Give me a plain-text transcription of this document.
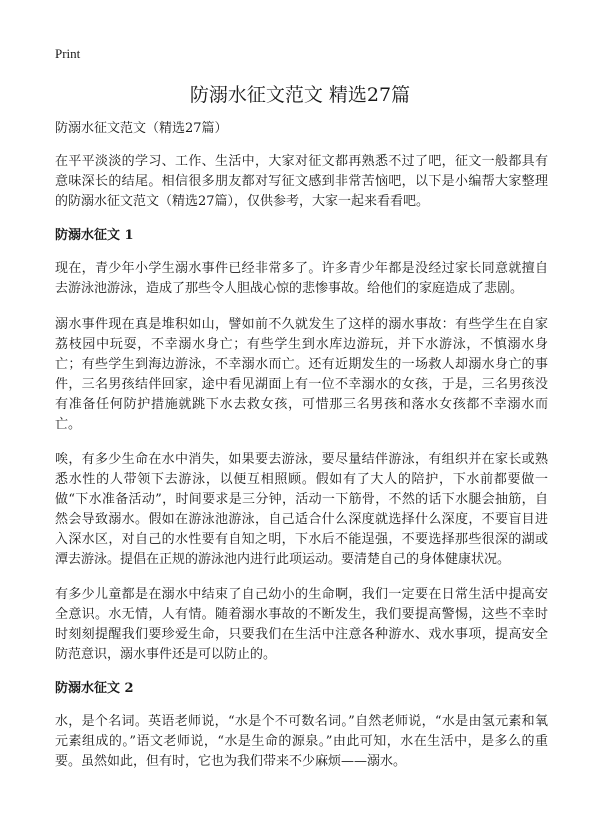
Print
防溺水征文范文 精选27篇

防溺水征文范文（精选27篇）

在平平淡淡的学习、工作、生活中，大家对征文都再熟悉不过了吧，征文一般都具有意味深长的结尾。相信很多朋友都对写征文感到非常苦恼吧，以下是小编帮大家整理的防溺水征文范文（精选27篇），仅供参考，大家一起来看看吧。

防溺水征文 1

现在，青少年小学生溺水事件已经非常多了。许多青少年都是没经过家长同意就擅自去游泳池游泳，造成了那些令人胆战心惊的悲惨事故。给他们的家庭造成了悲剧。

溺水事件现在真是堆积如山，譬如前不久就发生了这样的溺水事故：有些学生在自家荔枝园中玩耍，不幸溺水身亡；有些学生到水库边游玩，并下水游泳，不慎溺水身亡；有些学生到海边游泳，不幸溺水而亡。还有近期发生的一场救人却溺水身亡的事件，三名男孩结伴回家，途中看见湖面上有一位不幸溺水的女孩，于是，三名男孩没有准备任何防护措施就跳下水去救女孩，可惜那三名男孩和落水女孩都不幸溺水而亡。

唉，有多少生命在水中消失，如果要去游泳，要尽量结伴游泳，有组织并在家长或熟悉水性的人带领下去游泳，以便互相照顾。假如有了大人的陪护，下水前都要做一做“下水准备活动”，时间要求是三分钟，活动一下筋骨，不然的话下水腿会抽筋，自然会导致溺水。假如在游泳池游泳，自己适合什么深度就选择什么深度，不要盲目进入深水区，对自己的水性要有自知之明，下水后不能逞强，不要选择那些很深的湖或潭去游泳。提倡在正规的游泳池内进行此项运动。要清楚自己的身体健康状况。

有多少儿童都是在溺水中结束了自己幼小的生命啊，我们一定要在日常生活中提高安全意识。水无情，人有情。随着溺水事故的不断发生，我们要提高警惕，这些不幸时时刻刻提醒我们要珍爱生命，只要我们在生活中注意各种游水、戏水事项，提高安全防范意识，溺水事件还是可以防止的。

防溺水征文 2

水，是个名词。英语老师说，“水是个不可数名词。”自然老师说，“水是由氢元素和氧元素组成的。”语文老师说，“水是生命的源泉。”由此可知，水在生活中，是多么的重要。虽然如此，但有时，它也为我们带来不少麻烦——溺水。
